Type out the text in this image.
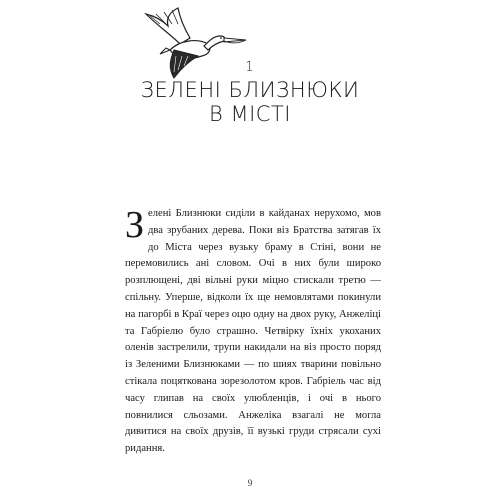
1
ЗЕЛЕНІ БЛИЗНЮКИ
В МІСТІ
З елені Близнюки сиділи в кайданах нерухомо, мов два зрубаних дерева. Поки віз Братства затягав їх до Міста через вузьку браму в Стіні, вони не перемовились ані словом. Очі в них були широко розплющені, дві вільні руки міцно стискали третю — спільну. Уперше, відколи їх ще немовлятами покинули на пагорбі в Краї через оцю одну на двох руку, Анжеліці та Габріелю було страшно. Четвірку їхніх укоханих оленів застрелили, трупи накидали на віз просто поряд із Зеленими Близнюками — по шиях тварини повільно стікала поцяткована зорезолотом кров. Габріель час від часу глипав на своїх улюбленців, і очі в нього повнилися сльозами. Анжеліка взагалі не могла дивитися на своїх друзів, її вузькі груди стрясали сухі ридання.
9
